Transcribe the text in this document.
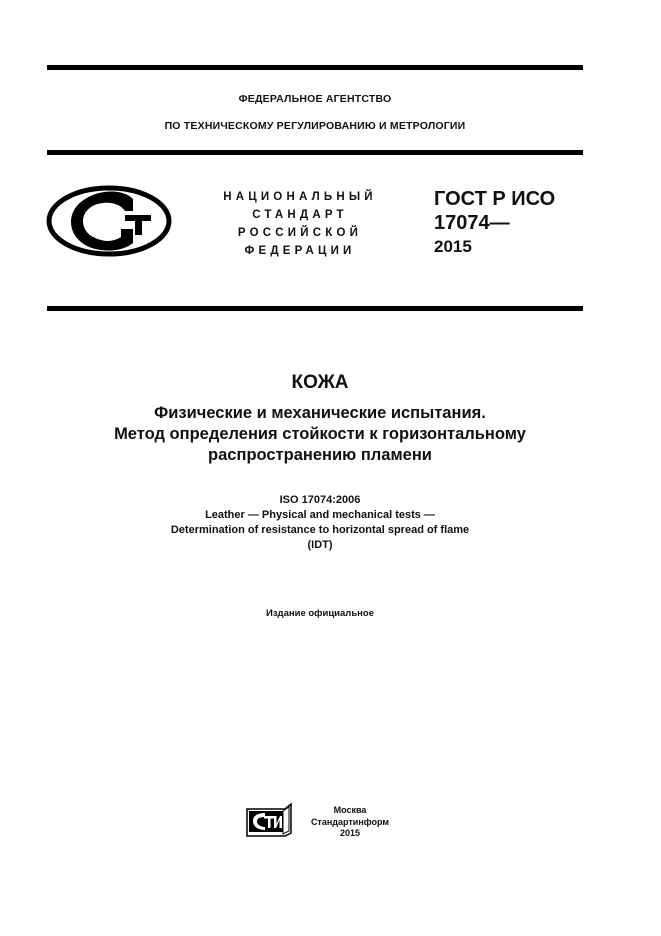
ФЕДЕРАЛЬНОЕ АГЕНТСТВО
ПО ТЕХНИЧЕСКОМУ РЕГУЛИРОВАНИЮ И МЕТРОЛОГИИ
НАЦИОНАЛЬНЫЙ
СТАНДАРТ
РОССИЙСКОЙ
ФЕДЕРАЦИИ
ГОСТ Р ИСО
17074—
2015
КОЖА
Физические и механические испытания.
Метод определения стойкости к горизонтальному
распространению пламени
ISO 17074:2006
Leather — Physical and mechanical tests —
Determination of resistance to horizontal spread of flame
(IDT)
Издание официальное
Москва
Стандартинформ
2015
